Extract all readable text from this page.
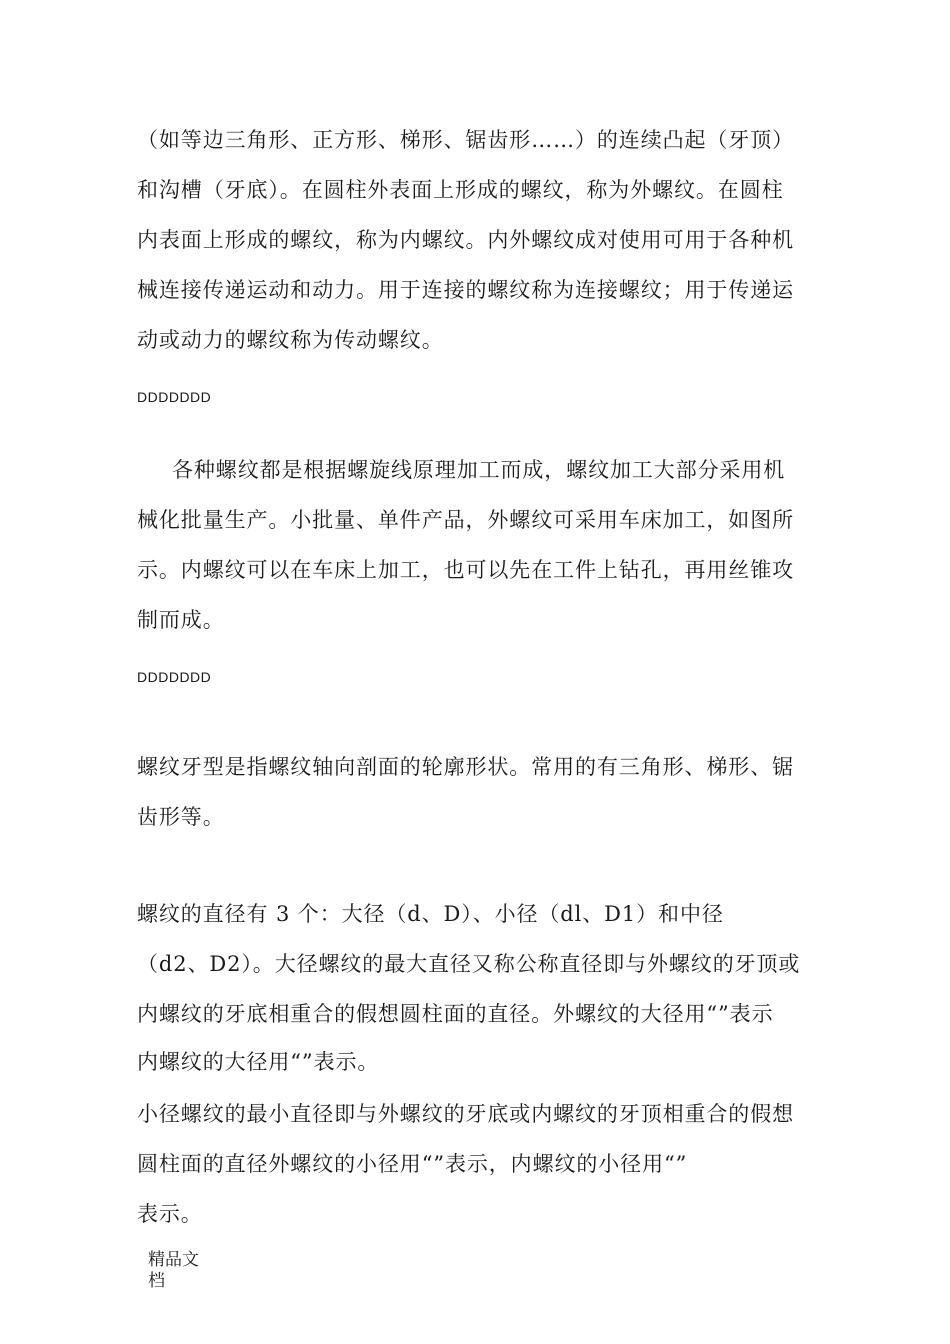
（如等边三角形、正方形、梯形、锯齿形……）的连续凸起（牙顶）
和沟槽（牙底）。在圆柱外表面上形成的螺纹，称为外螺纹。在圆柱
内表面上形成的螺纹，称为内螺纹。内外螺纹成对使用可用于各种机
械连接传递运动和动力。用于连接的螺纹称为连接螺纹；用于传递运
动或动力的螺纹称为传动螺纹。
DDDDDDD
各种螺纹都是根据螺旋线原理加工而成，螺纹加工大部分采用机
械化批量生产。小批量、单件产品，外螺纹可采用车床加工，如图所
示。内螺纹可以在车床上加工，也可以先在工件上钻孔，再用丝锥攻
制而成。
DDDDDDD
螺纹牙型是指螺纹轴向剖面的轮廓形状。常用的有三角形、梯形、锯
齿形等。
螺纹的直径有 3 个：大径（d、D）、小径（dl、D1）和中径
（d2、D2）。大径螺纹的最大直径又称公称直径即与外螺纹的牙顶或
内螺纹的牙底相重合的假想圆柱面的直径。外螺纹的大径用“”表示
内螺纹的大径用“”表示。
小径螺纹的最小直径即与外螺纹的牙底或内螺纹的牙顶相重合的假想
圆柱面的直径外螺纹的小径用“”表示，内螺纹的小径用“”
表示。
精品文
档
